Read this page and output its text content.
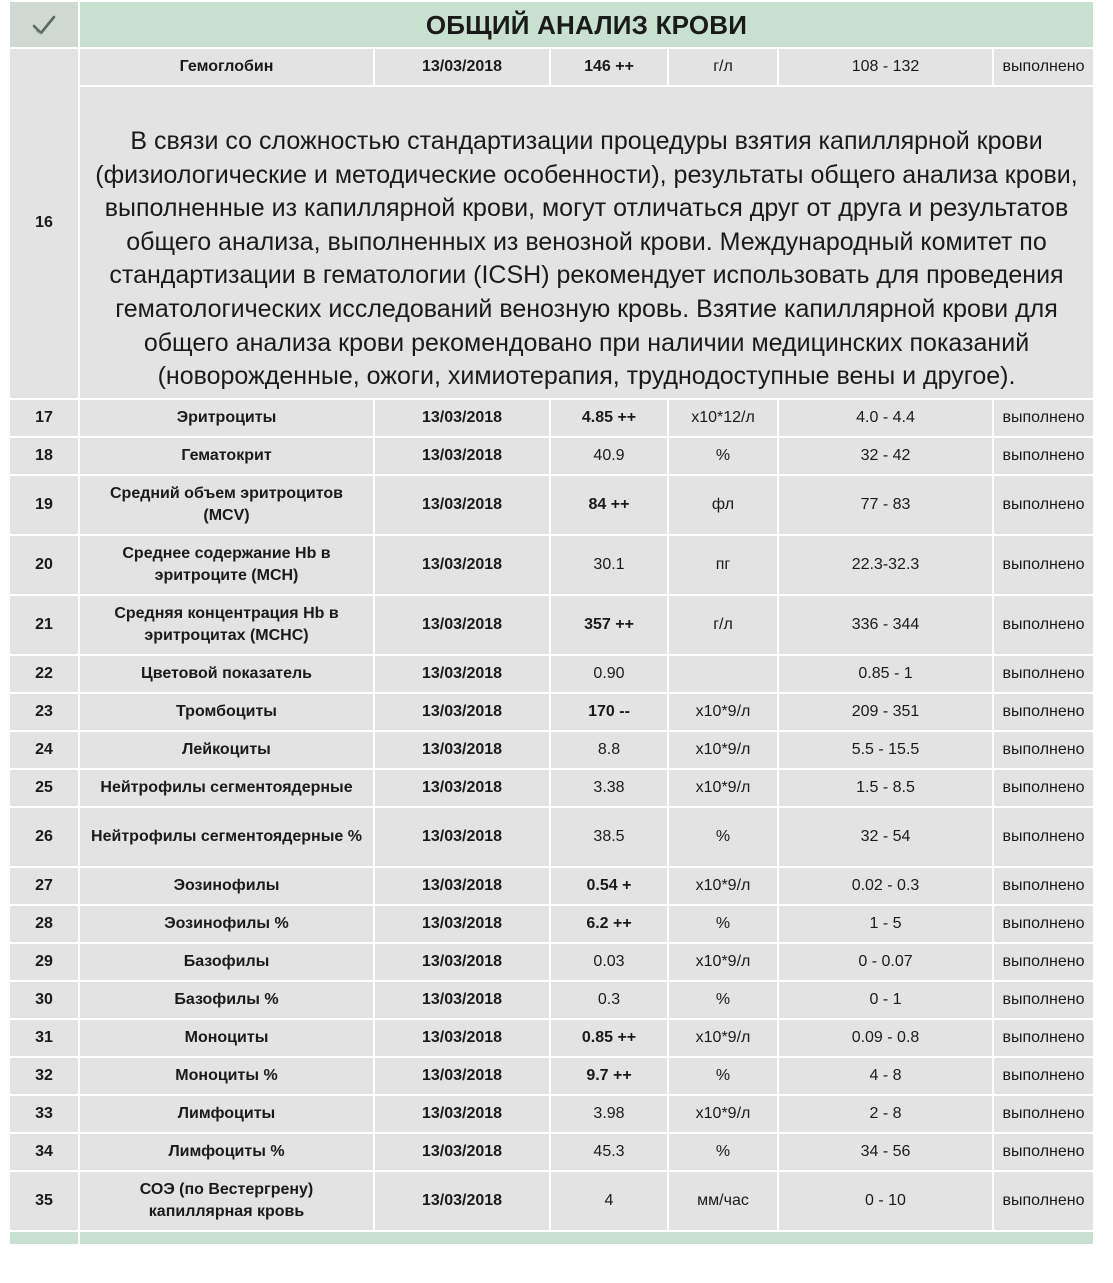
	ОБЩИЙ АНАЛИЗ КРОВИ					
16	Гемоглобин	13/03/2018	146 ++	г/л	108 - 132	выполнено
	В связи со сложностью стандартизации процедуры взятия капиллярной крови (физиологические и методические особенности), результаты общего анализа крови, выполненные из капиллярной крови, могут отличаться друг от друга и результатов общего анализа, выполненных из венозной крови. Международный комитет по стандартизации в гематологии (ICSH) рекомендует использовать для проведения гематологических исследований венозную кровь. Взятие капиллярной крови для общего анализа крови рекомендовано при наличии медицинских показаний (новорожденные, ожоги, химиотерапия, труднодоступные вены и другое).					
17	Эритроциты	13/03/2018	4.85 ++	x10*12/л	4.0 - 4.4	выполнено
18	Гематокрит	13/03/2018	40.9	%	32 - 42	выполнено
19	Средний объем эритроцитов (MCV)	13/03/2018	84 ++	фл	77 - 83	выполнено
20	Среднее содержание Hb в эритроците (MCH)	13/03/2018	30.1	пг	22.3-32.3	выполнено
21	Средняя концентрация Hb в эритроцитах (MCHC)	13/03/2018	357 ++	г/л	336 - 344	выполнено
22	Цветовой показатель	13/03/2018	0.90		0.85 - 1	выполнено
23	Тромбоциты	13/03/2018	170 --	x10*9/л	209 - 351	выполнено
24	Лейкоциты	13/03/2018	8.8	x10*9/л	5.5 - 15.5	выполнено
25	Нейтрофилы сегментоядерные	13/03/2018	3.38	x10*9/л	1.5 - 8.5	выполнено
26	Нейтрофилы сегментоядерные %	13/03/2018	38.5	%	32 - 54	выполнено
27	Эозинофилы	13/03/2018	0.54 +	x10*9/л	0.02 - 0.3	выполнено
28	Эозинофилы %	13/03/2018	6.2 ++	%	1 - 5	выполнено
29	Базофилы	13/03/2018	0.03	x10*9/л	0 - 0.07	выполнено
30	Базофилы %	13/03/2018	0.3	%	0 - 1	выполнено
31	Моноциты	13/03/2018	0.85 ++	x10*9/л	0.09 - 0.8	выполнено
32	Моноциты %	13/03/2018	9.7 ++	%	4 - 8	выполнено
33	Лимфоциты	13/03/2018	3.98	x10*9/л	2 - 8	выполнено
34	Лимфоциты %	13/03/2018	45.3	%	34 - 56	выполнено
35	СОЭ (по Вестергрену) капиллярная кровь	13/03/2018	4	мм/час	0 - 10	выполнено
